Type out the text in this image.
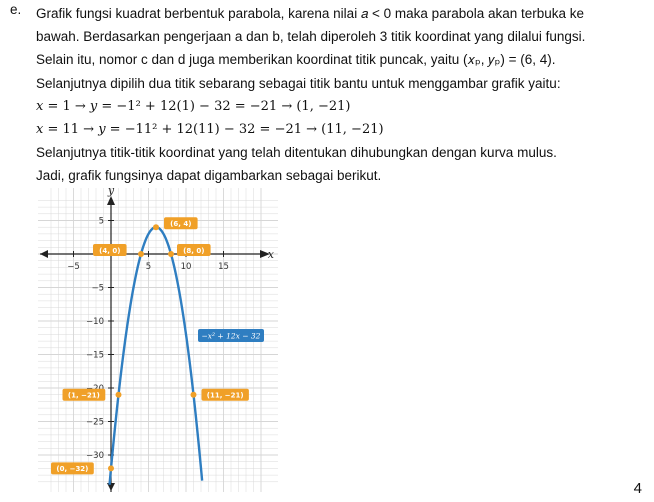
e. Grafik fungsi kuadrat berbentuk parabola, karena nilai 𝑎 < 0 maka parabola akan terbuka ke

bawah. Berdasarkan pengerjaan a dan b, telah diperoleh 3 titik koordinat yang dilalui fungsi.

Selain itu, nomor c dan d juga memberikan koordinat titik puncak, yaitu (𝑥ₚ, 𝑦ₚ) = (6, 4).

Selanjutnya dipilih dua titik sebarang sebagai titik bantu untuk menggambar grafik yaitu:

𝑥 = 1 → 𝑦 = −1² + 12(1) − 32 = −21 → (1, −21)

𝑥 = 11 → 𝑦 = −11² + 12(11) − 32 = −21 → (11, −21)

Selanjutnya titik-titik koordinat yang telah ditentukan dihubungkan dengan kurva mulus.

Jadi, grafik fungsinya dapat digambarkan sebagai berikut.

x
y
−5	5	10	15
5
−5
−10
−15
−25
−30
−x² + 12x − 32
(6, 4)
(4, 0)	(8, 0)
(1, −21)	(11, −21)
(0, −32)
4
